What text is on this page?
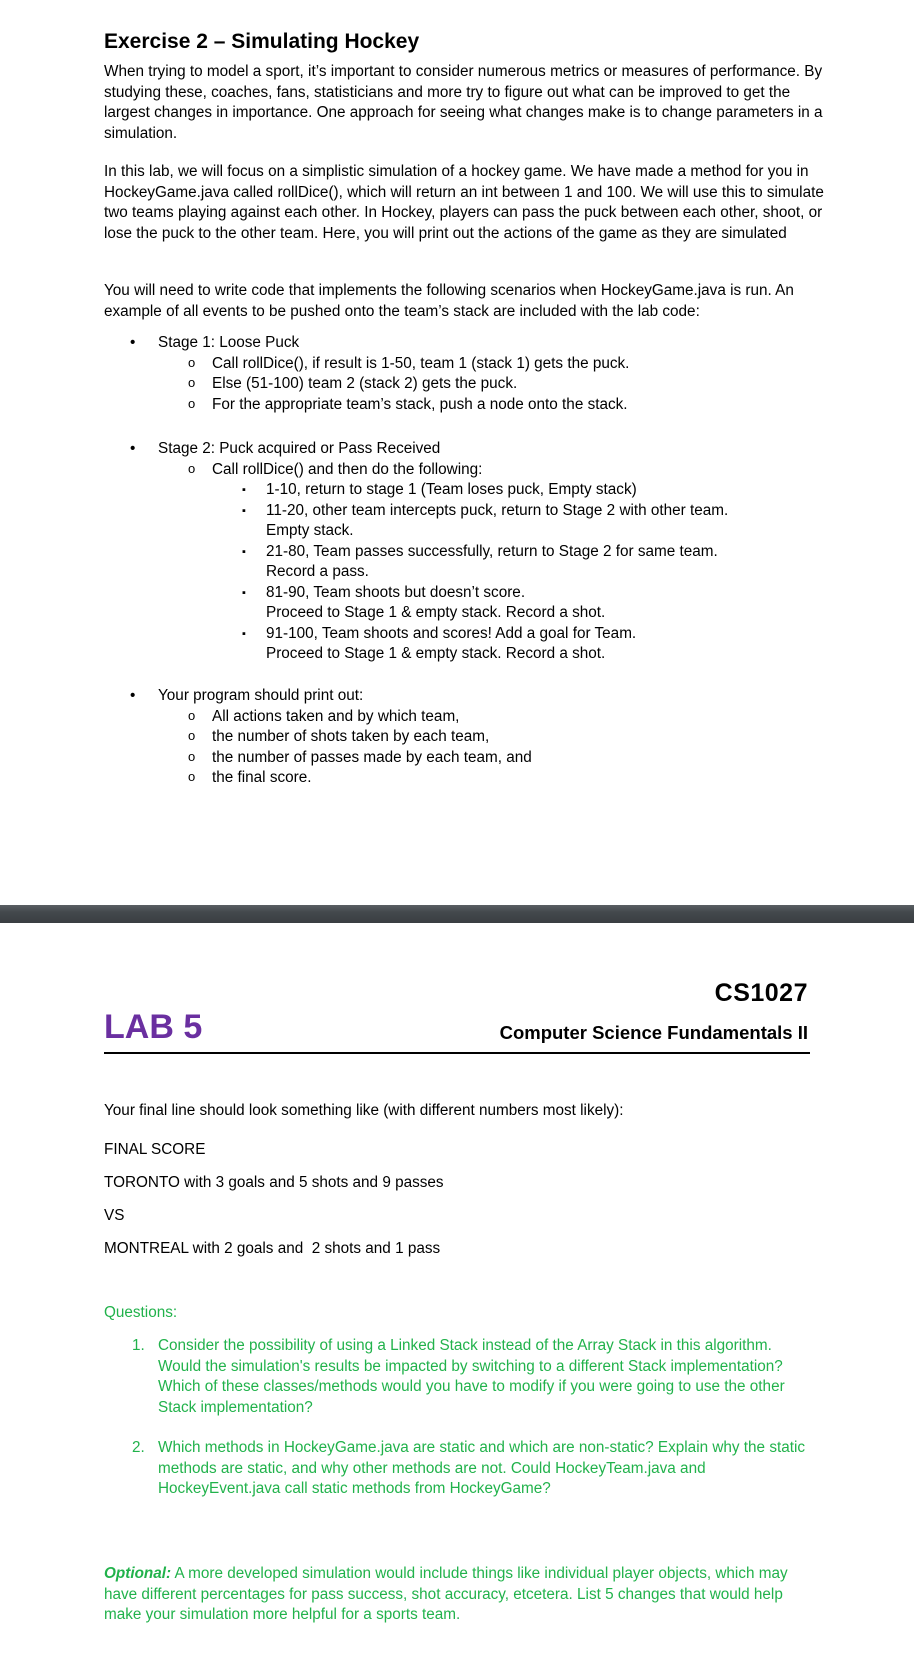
Exercise 2 – Simulating Hockey

When trying to model a sport, it’s important to consider numerous metrics or measures of performance. By studying these, coaches, fans, statisticians and more try to figure out what can be improved to get the largest changes in importance. One approach for seeing what changes make is to change parameters in a simulation.

In this lab, we will focus on a simplistic simulation of a hockey game. We have made a method for you in HockeyGame.java called rollDice(), which will return an int between 1 and 100. We will use this to simulate two teams playing against each other. In Hockey, players can pass the puck between each other, shoot, or lose the puck to the other team. Here, you will print out the actions of the game as they are simulated

You will need to write code that implements the following scenarios when HockeyGame.java is run. An example of all events to be pushed onto the team’s stack are included with the lab code:

• Stage 1: Loose Puck
o Call rollDice(), if result is 1-50, team 1 (stack 1) gets the puck.
o Else (51-100) team 2 (stack 2) gets the puck.
o For the appropriate team’s stack, push a node onto the stack.
• Stage 2: Puck acquired or Pass Received
o Call rollDice() and then do the following:
▪ 1-10, return to stage 1 (Team loses puck, Empty stack)
▪ 11-20, other team intercepts puck, return to Stage 2 with other team.
Empty stack.
▪ 21-80, Team passes successfully, return to Stage 2 for same team.
Record a pass.
▪ 81-90, Team shoots but doesn’t score.
Proceed to Stage 1 & empty stack. Record a shot.
▪ 91-100, Team shoots and scores! Add a goal for Team.
Proceed to Stage 1 & empty stack. Record a shot.
• Your program should print out:
o All actions taken and by which team,
o the number of shots taken by each team,
o the number of passes made by each team, and
o the final score.
CS1027
LAB 5	Computer Science Fundamentals II

Your final line should look something like (with different numbers most likely):

FINAL SCORE

TORONTO with 3 goals and 5 shots and 9 passes

VS

MONTREAL with 2 goals and  2 shots and 1 pass

Questions:

1. Consider the possibility of using a Linked Stack instead of the Array Stack in this algorithm. Would the simulation's results be impacted by switching to a different Stack implementation? Which of these classes/methods would you have to modify if you were going to use the other Stack implementation?
2. Which methods in HockeyGame.java are static and which are non-static? Explain why the static methods are static, and why other methods are not. Could HockeyTeam.java and HockeyEvent.java call static methods from HockeyGame?

Optional: A more developed simulation would include things like individual player objects, which may have different percentages for pass success, shot accuracy, etcetera. List 5 changes that would help make your simulation more helpful for a sports team.
